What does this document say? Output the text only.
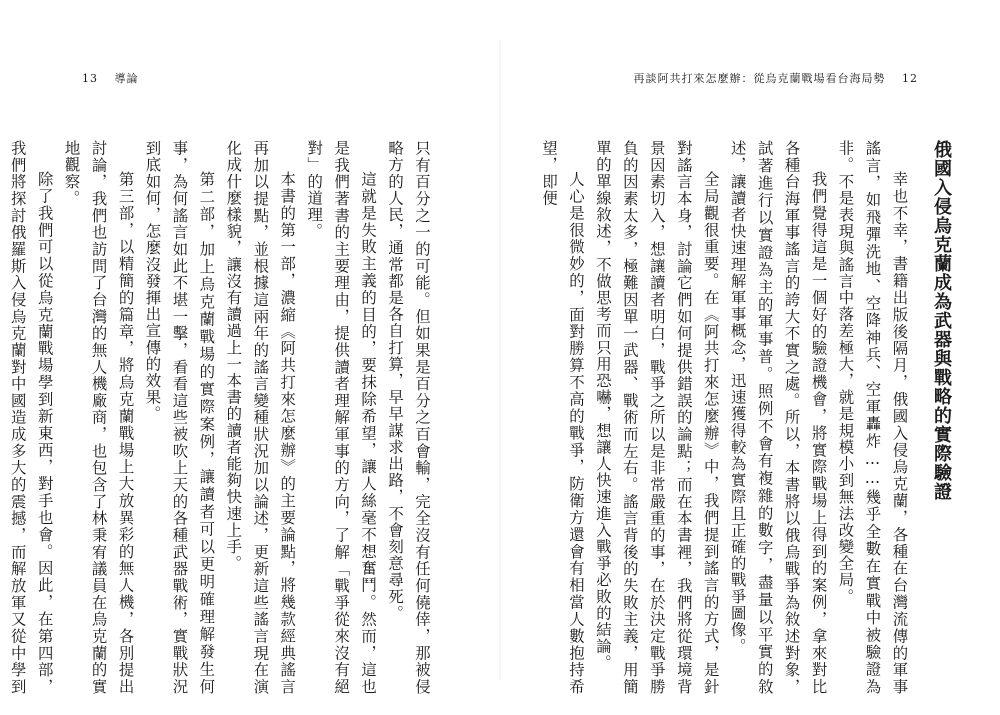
13 導論

只有百分之一的可能。但如果是百分之百會輸，完全沒有任何僥倖，那被侵略方的人民，通常都是各自打算，早早謀求出路，不會刻意尋死。

這就是失敗主義的目的，要抹除希望，讓人絲毫不想奮鬥。然而，這也是我們著書的主要理由，提供讀者理解軍事的方向，了解「戰爭從來沒有絕對」的道理。

本書的第一部，濃縮《阿共打來怎麼辦》的主要論點，將幾款經典謠言再加以提點，並根據這兩年的謠言變種狀況加以論述，更新這些謠言現在演化成什麼樣貌，讓沒有讀過上一本書的讀者能夠快速上手。

第二部，加上烏克蘭戰場的實際案例，讓讀者可以更明確理解發生何事，為何謠言如此不堪一擊，看看這些被吹上天的各種武器戰術，實戰狀況到底如何，怎麼沒發揮出宣傳的效果。

第三部，以精簡的篇章，將烏克蘭戰場上大放異彩的無人機，各別提出討論，我們也訪問了台灣的無人機廠商，也包含了林秉宥議員在烏克蘭的實地觀察。

除了我們可以從烏克蘭戰場學到新東西，對手也會。因此，在第四部，我們將探討俄羅斯入侵烏克蘭對中國造成多大的震撼，而解放軍又從中學到

再談阿共打來怎麼辦：從烏克蘭戰場看台海局勢 12
俄國入侵烏克蘭成為武器與戰略的實際驗證

幸也不幸，書籍出版後隔月，俄國入侵烏克蘭，各種在台灣流傳的軍事謠言，如飛彈洗地、空降神兵、空軍轟炸……幾乎全數在實戰中被驗證為非。不是表現與謠言中落差極大，就是規模小到無法改變全局。

我們覺得這是一個好的驗證機會，將實際戰場上得到的案例，拿來對比各種台海軍事謠言的誇大不實之處。所以，本書將以俄烏戰爭為敘述對象，試著進行以實證為主的軍事普。照例不會有複雜的數字，盡量以平實的敘述，讓讀者快速理解軍事概念，迅速獲得較為實際且正確的戰爭圖像。

全局觀很重要。在《阿共打來怎麼辦》中，我們提到謠言的方式，是針對謠言本身，討論它們如何提供錯誤的論點；而在本書裡，我們將從環境背景因素切入，想讓讀者明白，戰爭之所以是非常嚴重的事，在於決定戰爭勝負的因素太多，極難因單一武器、戰術而左右。謠言背後的失敗主義，用簡單的單線敘述，不做思考而只用恐嚇，想讓人快速進入戰爭必敗的結論。

人心是很微妙的，面對勝算不高的戰爭，防衛方還會有相當人數抱持希望，即便
